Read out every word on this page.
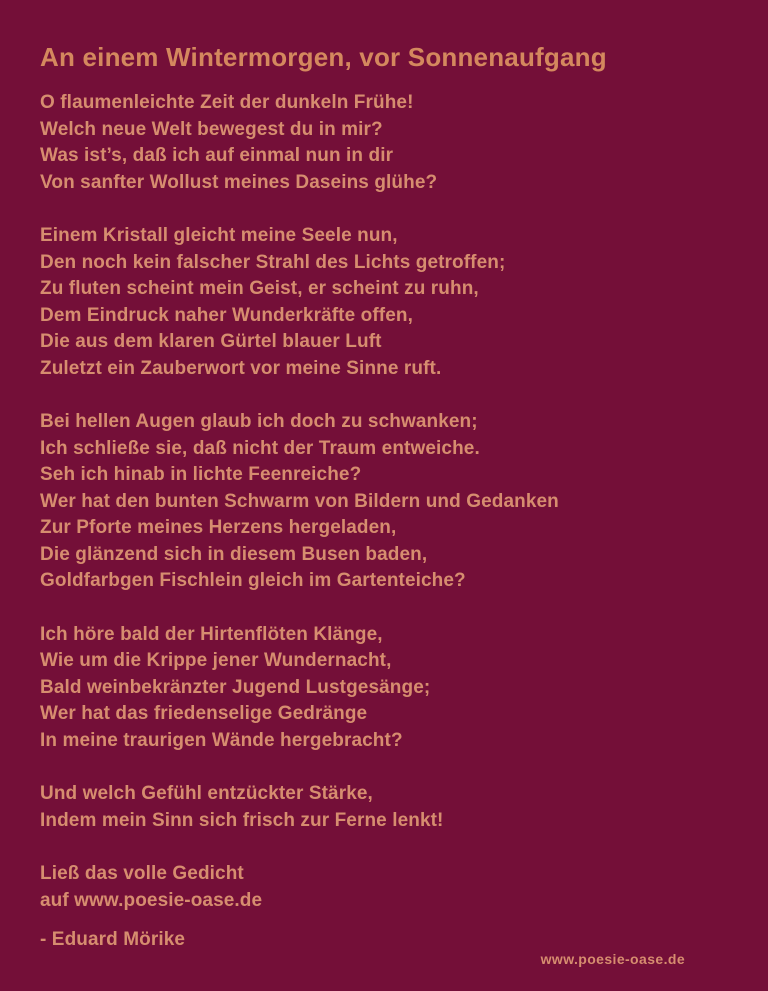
An einem Wintermorgen, vor Sonnenaufgang
O flaumenleichte Zeit der dunkeln Frühe!
Welch neue Welt bewegest du in mir?
Was ist’s, daß ich auf einmal nun in dir
Von sanfter Wollust meines Daseins glühe?
Einem Kristall gleicht meine Seele nun,
Den noch kein falscher Strahl des Lichts getroffen;
Zu fluten scheint mein Geist, er scheint zu ruhn,
Dem Eindruck naher Wunderkräfte offen,
Die aus dem klaren Gürtel blauer Luft
Zuletzt ein Zauberwort vor meine Sinne ruft.
Bei hellen Augen glaub ich doch zu schwanken;
Ich schließe sie, daß nicht der Traum entweiche.
Seh ich hinab in lichte Feenreiche?
Wer hat den bunten Schwarm von Bildern und Gedanken
Zur Pforte meines Herzens hergeladen,
Die glänzend sich in diesem Busen baden,
Goldfarbgen Fischlein gleich im Gartenteiche?
Ich höre bald der Hirtenflöten Klänge,
Wie um die Krippe jener Wundernacht,
Bald weinbekränzter Jugend Lustgesänge;
Wer hat das friedenselige Gedränge
In meine traurigen Wände hergebracht?
Und welch Gefühl entzückter Stärke,
Indem mein Sinn sich frisch zur Ferne lenkt!
Ließ das volle Gedicht
auf www.poesie-oase.de
- Eduard Mörike
www.poesie-oase.de
